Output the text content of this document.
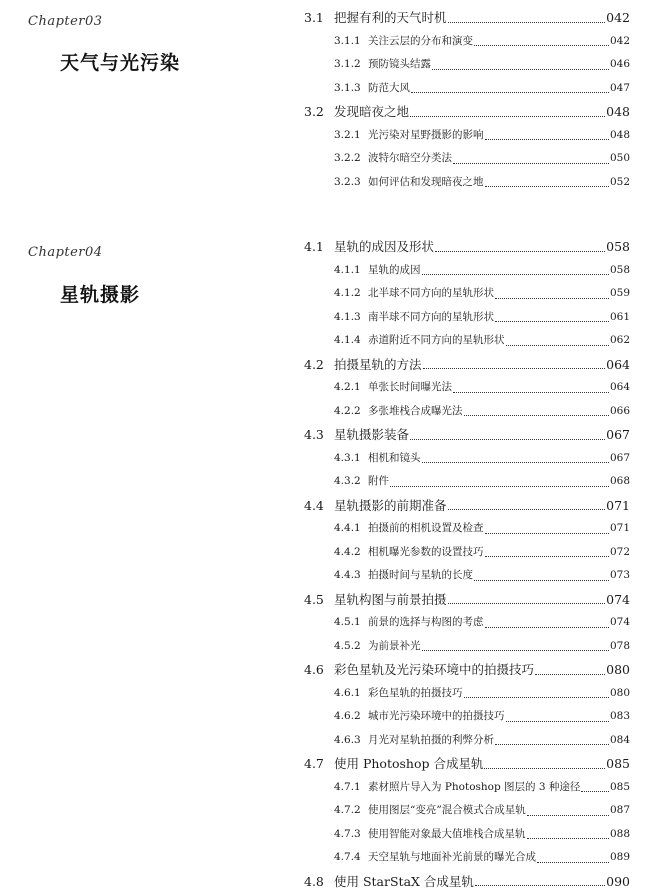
Chapter03
天气与光污染
Chapter04
星轨摄影
3.1 把握有利的天气时机	042
3.1.1 关注云层的分布和演变	042
3.1.2 预防镜头结露	046
3.1.3 防范大风	047
3.2 发现暗夜之地	048
3.2.1 光污染对星野摄影的影响	048
3.2.2 波特尔暗空分类法	050
3.2.3 如何评估和发现暗夜之地	052
4.1 星轨的成因及形状	058
4.1.1 星轨的成因	058
4.1.2 北半球不同方向的星轨形状	059
4.1.3 南半球不同方向的星轨形状	061
4.1.4 赤道附近不同方向的星轨形状	062
4.2 拍摄星轨的方法	064
4.2.1 单张长时间曝光法	064
4.2.2 多张堆栈合成曝光法	066
4.3 星轨摄影装备	067
4.3.1 相机和镜头	067
4.3.2 附件	068
4.4 星轨摄影的前期准备	071
4.4.1 拍摄前的相机设置及检查	071
4.4.2 相机曝光参数的设置技巧	072
4.4.3 拍摄时间与星轨的长度	073
4.5 星轨构图与前景拍摄	074
4.5.1 前景的选择与构图的考虑	074
4.5.2 为前景补光	078
4.6 彩色星轨及光污染环境中的拍摄技巧	080
4.6.1 彩色星轨的拍摄技巧	080
4.6.2 城市光污染环境中的拍摄技巧	083
4.6.3 月光对星轨拍摄的利弊分析	084
4.7 使用 Photoshop 合成星轨	085
4.7.1 素材照片导入为 Photoshop 图层的 3 种途径	085
4.7.2 使用图层“变亮”混合模式合成星轨	087
4.7.3 使用智能对象最大值堆栈合成星轨	088
4.7.4 天空星轨与地面补光前景的曝光合成	089
4.8 使用 StarStaX 合成星轨	090
